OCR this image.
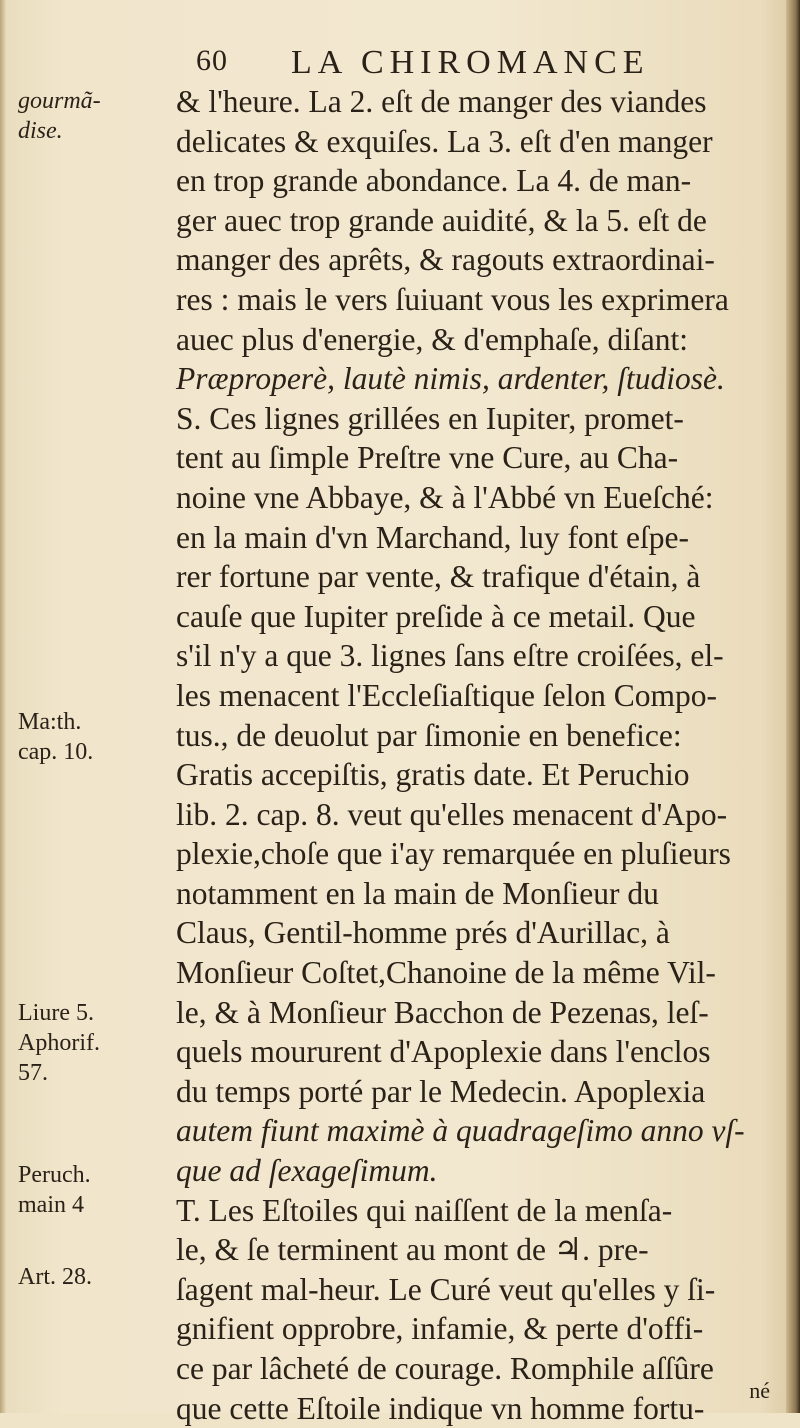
60 LA CHIROMANCE
gourmã-
dise.
Ma:th.
cap. 10.
Liure 5.
Aphorif.
57.
Peruch.
main 4
Art. 28.
& l'heure. La 2. eſt de manger des viandes
delicates & exquiſes. La 3. eſt d'en manger
en trop grande abondance. La 4. de man-
ger auec trop grande auidité, & la 5. eſt de
manger des aprêts, & ragouts extraordinai-
res : mais le vers ſuiuant vous les exprimera
auec plus d'energie, & d'emphaſe, diſant:
Præproperè, lautè nimis, ardenter, ſtudiosè.
S. Ces lignes grillées en Iupiter, promet-
tent au ſimple Preſtre vne Cure, au Cha-
noine vne Abbaye, & à l'Abbé vn Eueſché:
en la main d'vn Marchand, luy font eſpe-
rer fortune par vente, & trafique d'étain, à
cauſe que Iupiter preſide à ce metail. Que
s'il n'y a que 3. lignes ſans eſtre croiſées, el-
les menacent l'Eccleſiaſtique ſelon Compo-
tus., de deuolut par ſimonie en benefice:
Gratis accepiſtis, gratis date. Et Peruchio
lib. 2. cap. 8. veut qu'elles menacent d'Apo-
plexie,choſe que i'ay remarquée en pluſieurs
notamment en la main de Monſieur du
Claus, Gentil-homme prés d'Aurillac, à
Monſieur Coſtet,Chanoine de la même Vil-
le, & à Monſieur Bacchon de Pezenas, leſ-
quels moururent d'Apoplexie dans l'enclos
du temps porté par le Medecin. Apoplexia
autem fiunt maximè à quadrageſimo anno vſ-
que ad ſexageſimum.
T. Les Eſtoiles qui naiſſent de la menſa-
le, & ſe terminent au mont de ♃. pre-
ſagent mal-heur. Le Curé veut qu'elles y ſi-
gnifient opprobre, infamie, & perte d'offi-
ce par lâcheté de courage. Romphile aſſûre
que cette Eſtoile indique vn homme fortu-
né
